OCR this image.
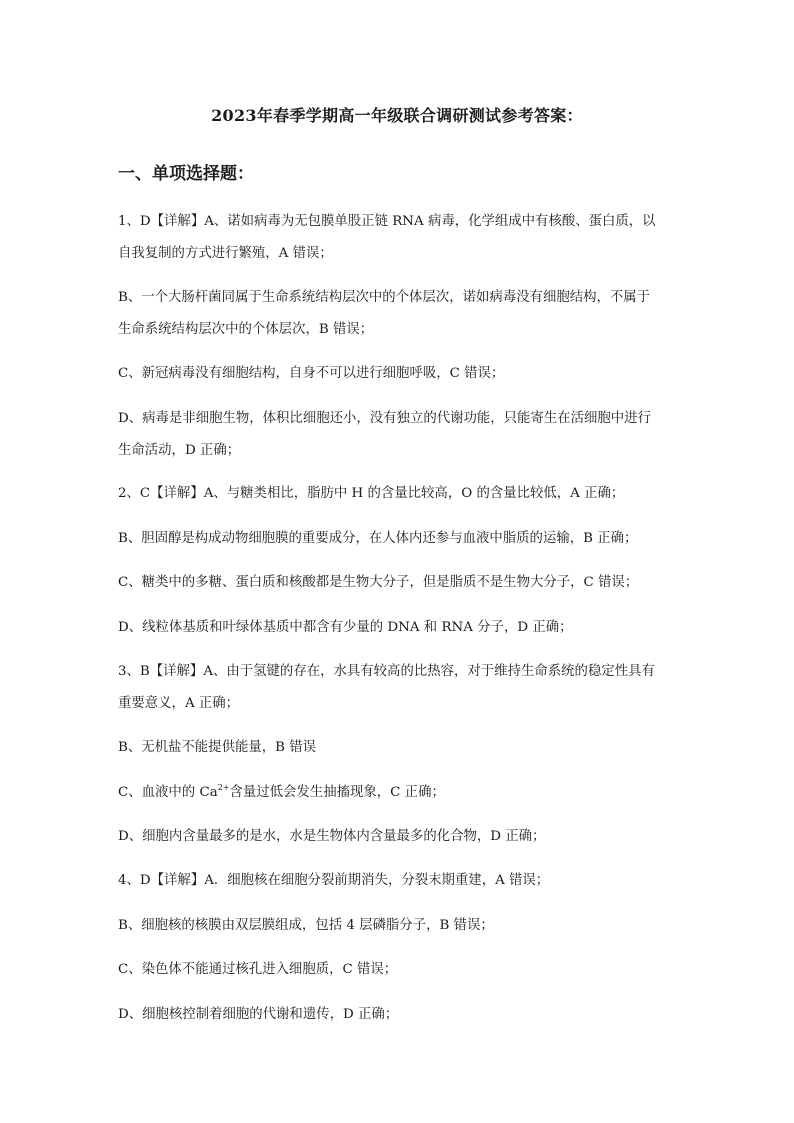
2023年春季学期高一年级联合调研测试参考答案：
一、单项选择题：
1、D【详解】A、诺如病毒为无包膜单股正链 RNA 病毒，化学组成中有核酸、蛋白质，以
自我复制的方式进行繁殖，A 错误；
B、一个大肠杆菌同属于生命系统结构层次中的个体层次，诺如病毒没有细胞结构，不属于
生命系统结构层次中的个体层次，B 错误；
C、新冠病毒没有细胞结构，自身不可以进行细胞呼吸，C 错误；
D、病毒是非细胞生物，体积比细胞还小，没有独立的代谢功能，只能寄生在活细胞中进行
生命活动，D 正确；
2、C【详解】A、与糖类相比，脂肪中 H 的含量比较高，O 的含量比较低，A 正确；
B、胆固醇是构成动物细胞膜的重要成分，在人体内还参与血液中脂质的运输，B 正确；
C、糖类中的多糖、蛋白质和核酸都是生物大分子，但是脂质不是生物大分子，C 错误；
D、线粒体基质和叶绿体基质中都含有少量的 DNA 和 RNA 分子，D 正确；
3、B【详解】A、由于氢键的存在，水具有较高的比热容，对于维持生命系统的稳定性具有
重要意义，A 正确；
B、无机盐不能提供能量，B 错误
C、血液中的 $Ca^{2+}$含量过低会发生抽搐现象，C 正确；
D、细胞内含量最多的是水，水是生物体内含量最多的化合物，D 正确；
4、D【详解】A．细胞核在细胞分裂前期消失，分裂末期重建，A 错误；
B、细胞核的核膜由双层膜组成，包括 4 层磷脂分子，B 错误；
C、染色体不能通过核孔进入细胞质，C 错误；
D、细胞核控制着细胞的代谢和遗传，D 正确；
